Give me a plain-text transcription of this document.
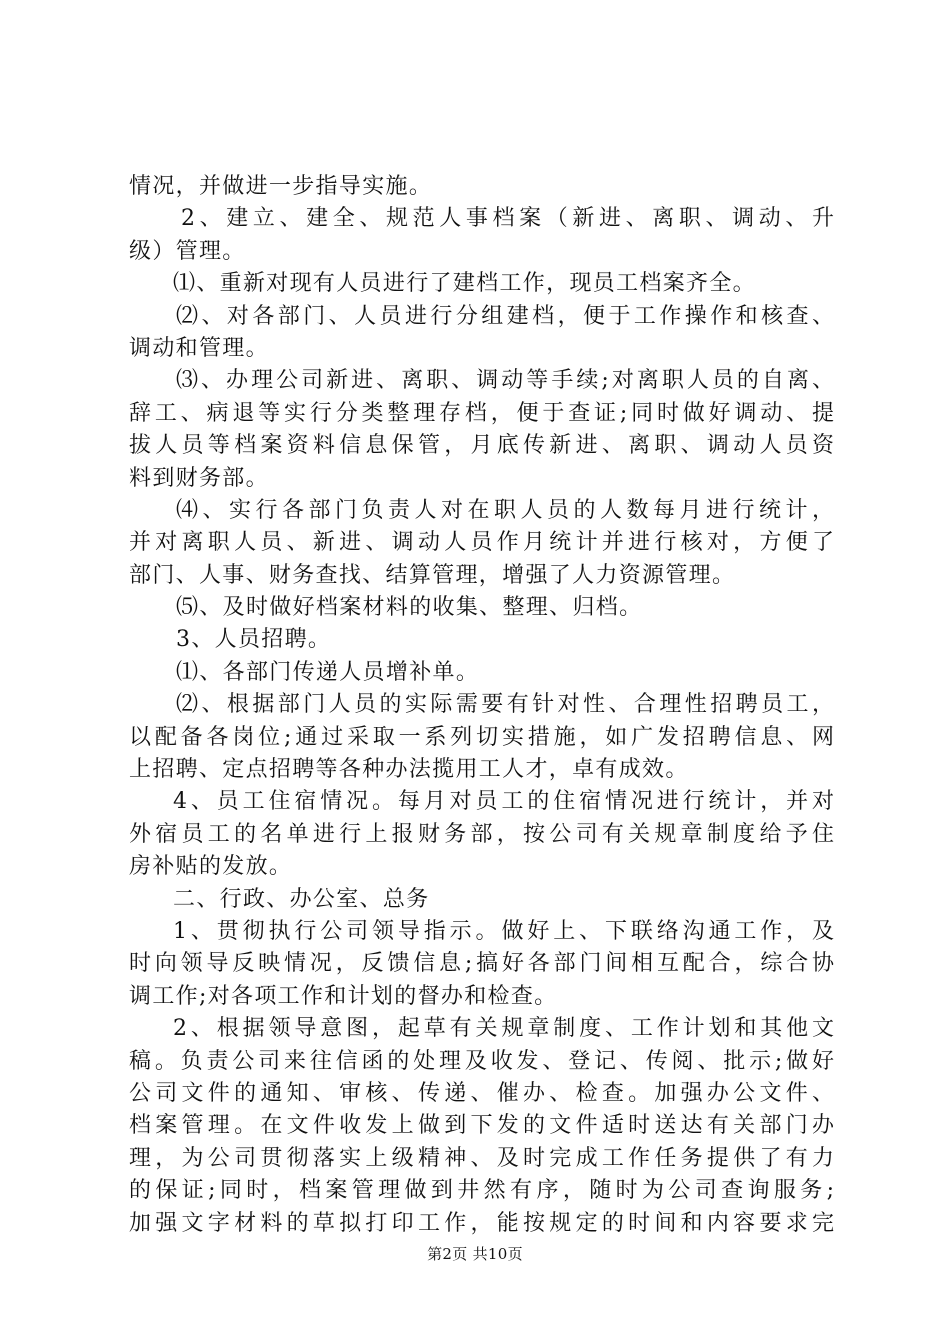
情况，并做进一步指导实施。
2、建立、建全、规范人事档案（新进、离职、调动、升
级）管理。
⑴、重新对现有人员进行了建档工作，现员工档案齐全。
⑵、对各部门、人员进行分组建档，便于工作操作和核查、
调动和管理。
⑶、办理公司新进、离职、调动等手续;对离职人员的自离、
辞工、病退等实行分类整理存档，便于查证;同时做好调动、提
拔人员等档案资料信息保管，月底传新进、离职、调动人员资
料到财务部。
⑷、实行各部门负责人对在职人员的人数每月进行统计，
并对离职人员、新进、调动人员作月统计并进行核对，方便了
部门、人事、财务查找、结算管理，增强了人力资源管理。
⑸、及时做好档案材料的收集、整理、归档。
3、人员招聘。
⑴、各部门传递人员增补单。
⑵、根据部门人员的实际需要有针对性、合理性招聘员工，
以配备各岗位;通过采取一系列切实措施，如广发招聘信息、网
上招聘、定点招聘等各种办法揽用工人才，卓有成效。
4、员工住宿情况。每月对员工的住宿情况进行统计，并对
外宿员工的名单进行上报财务部，按公司有关规章制度给予住
房补贴的发放。
二、行政、办公室、总务
1、贯彻执行公司领导指示。做好上、下联络沟通工作，及
时向领导反映情况，反馈信息;搞好各部门间相互配合，综合协
调工作;对各项工作和计划的督办和检查。
2、根据领导意图，起草有关规章制度、工作计划和其他文
稿。负责公司来往信函的处理及收发、登记、传阅、批示;做好
公司文件的通知、审核、传递、催办、检查。加强办公文件、
档案管理。在文件收发上做到下发的文件适时送达有关部门办
理，为公司贯彻落实上级精神、及时完成工作任务提供了有力
的保证;同时，档案管理做到井然有序，随时为公司查询服务;
加强文字材料的草拟打印工作，能按规定的时间和内容要求完
第2页 共10页
